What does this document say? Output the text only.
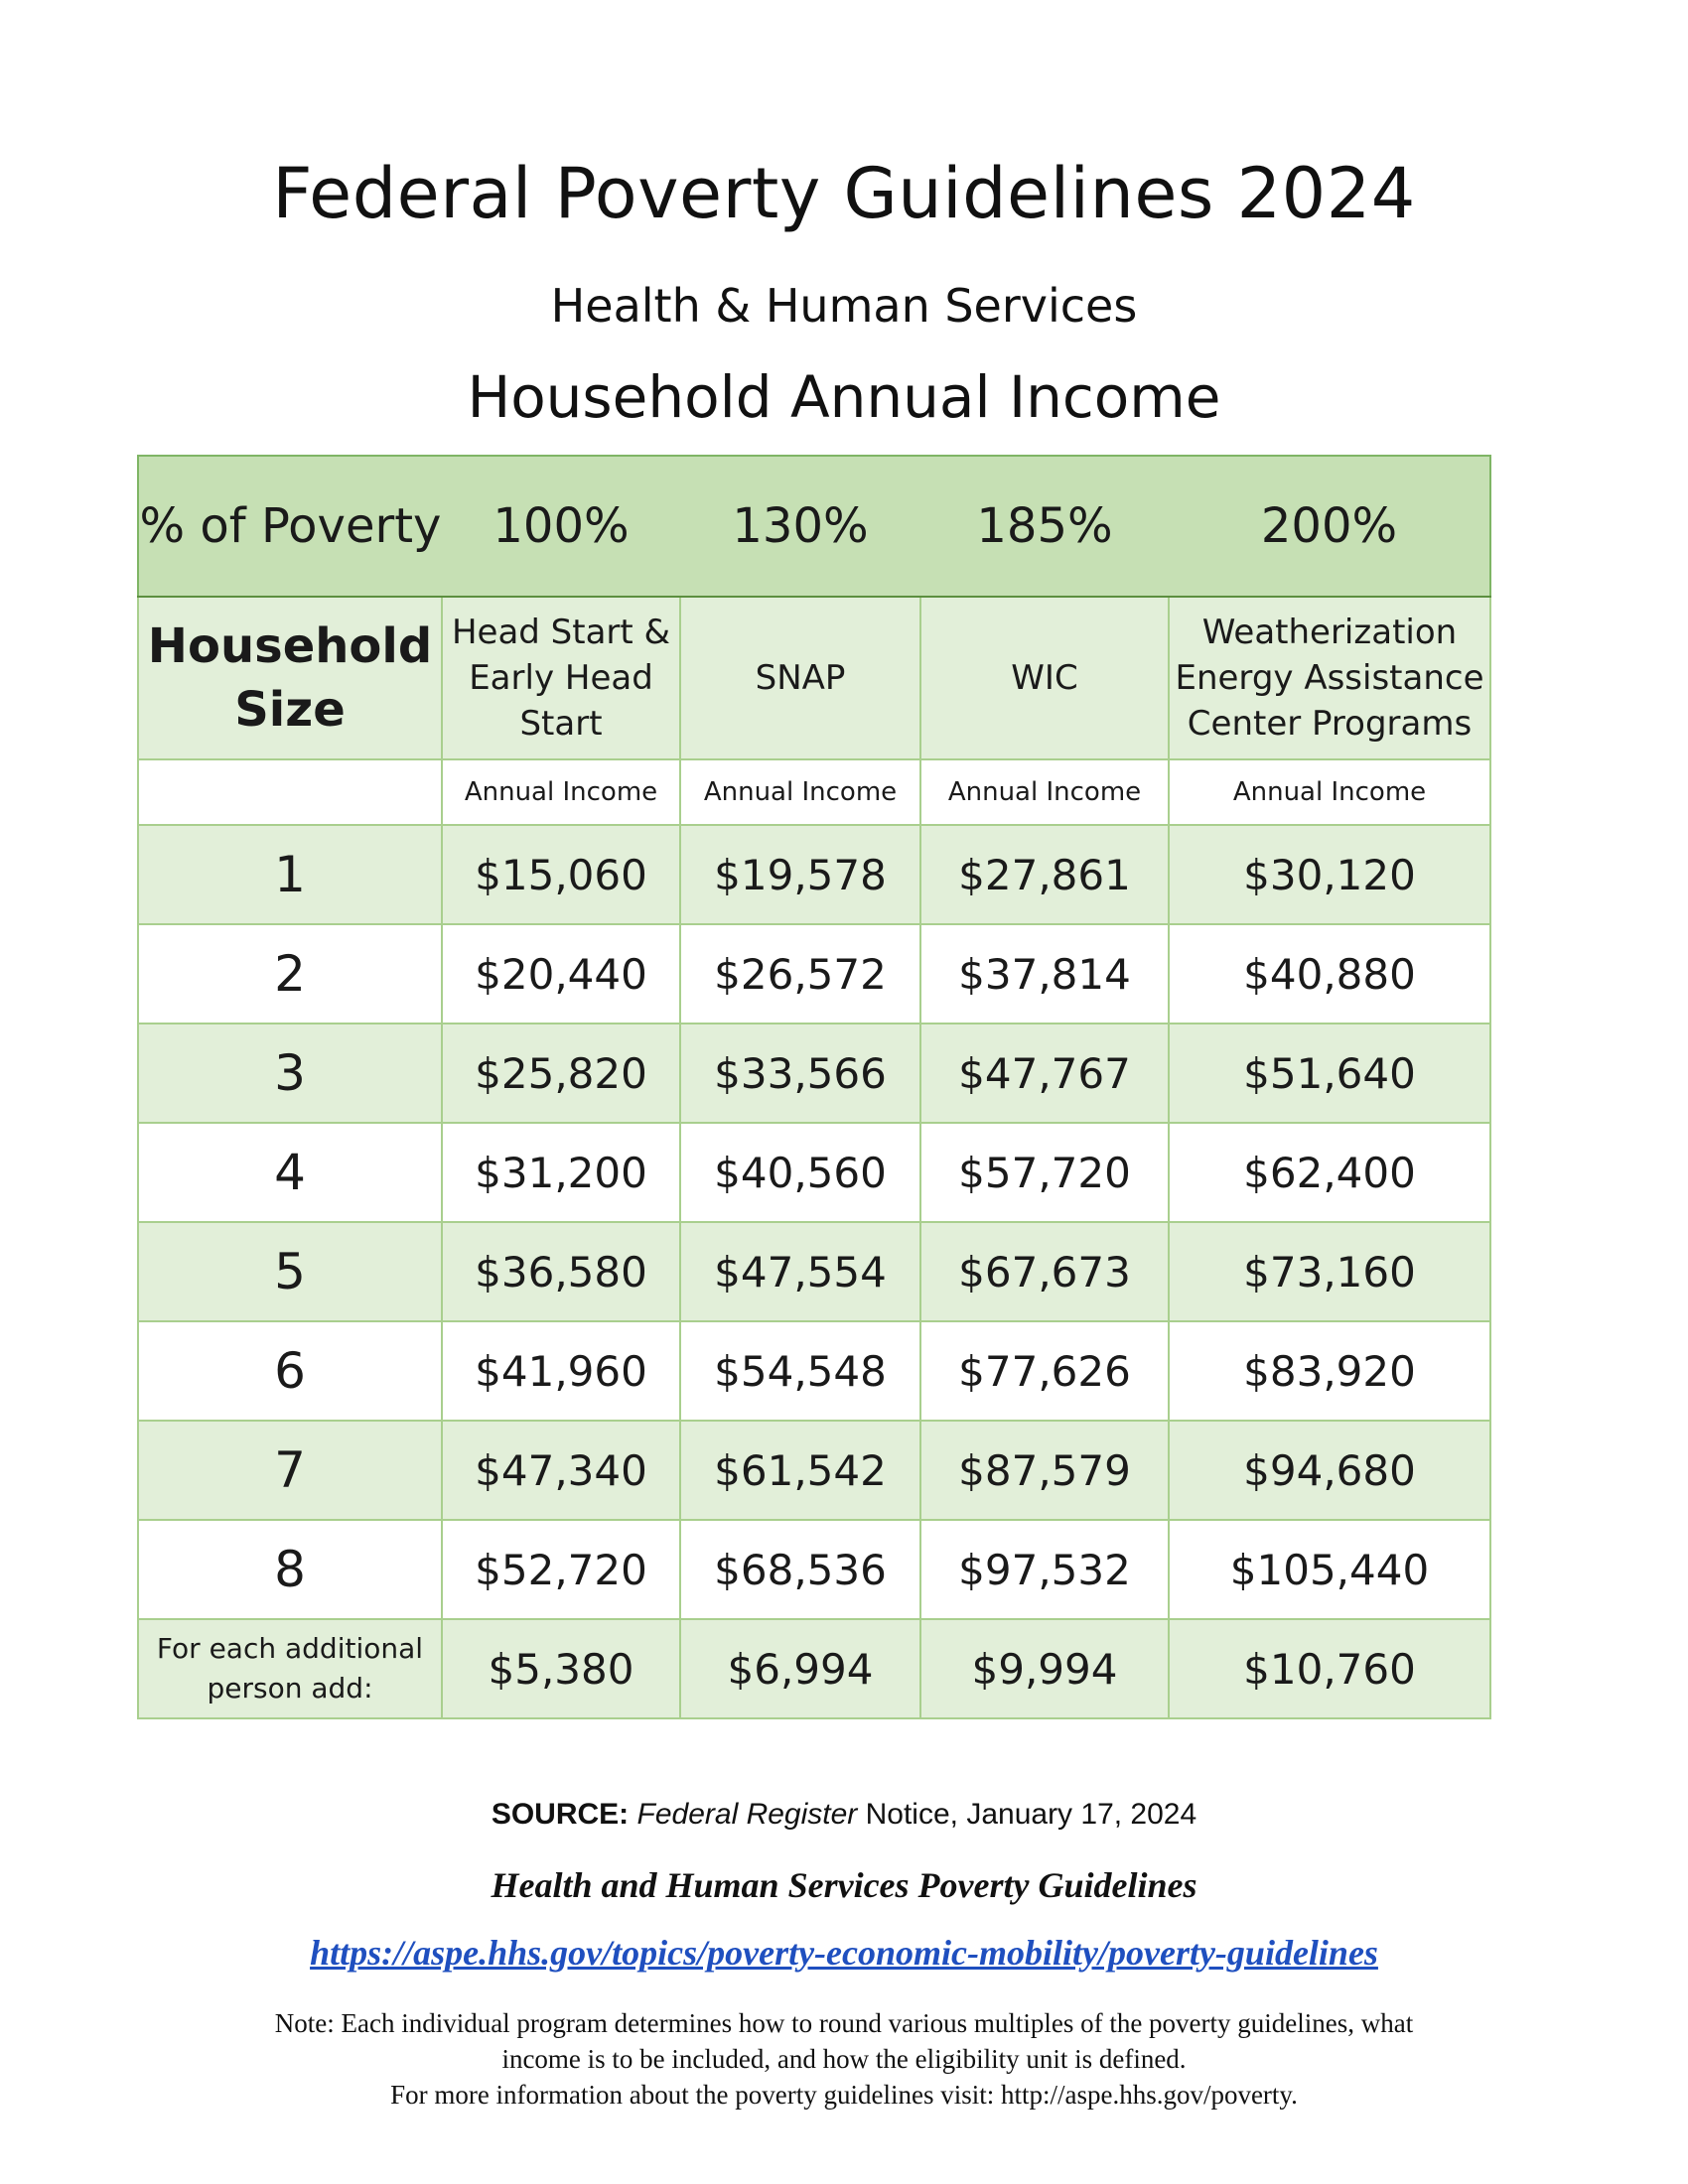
Federal Poverty Guidelines 2024
Health & Human Services
Household Annual Income
% of Poverty	100%	130%	185%	200%
Household Size	Head Start & Early Head Start	SNAP	WIC	Weatherization Energy Assistance Center Programs
	Annual Income	Annual Income	Annual Income	Annual Income
1	$15,060	$19,578	$27,861	$30,120
2	$20,440	$26,572	$37,814	$40,880
3	$25,820	$33,566	$47,767	$51,640
4	$31,200	$40,560	$57,720	$62,400
5	$36,580	$47,554	$67,673	$73,160
6	$41,960	$54,548	$77,626	$83,920
7	$47,340	$61,542	$87,579	$94,680
8	$52,720	$68,536	$97,532	$105,440
For each additional person add:	$5,380	$6,994	$9,994	$10,760
SOURCE: Federal Register Notice, January 17, 2024
Health and Human Services Poverty Guidelines
https://aspe.hhs.gov/topics/poverty-economic-mobility/poverty-guidelines
Note: Each individual program determines how to round various multiples of the poverty guidelines, what
income is to be included, and how the eligibility unit is defined.
For more information about the poverty guidelines visit: http://aspe.hhs.gov/poverty.
